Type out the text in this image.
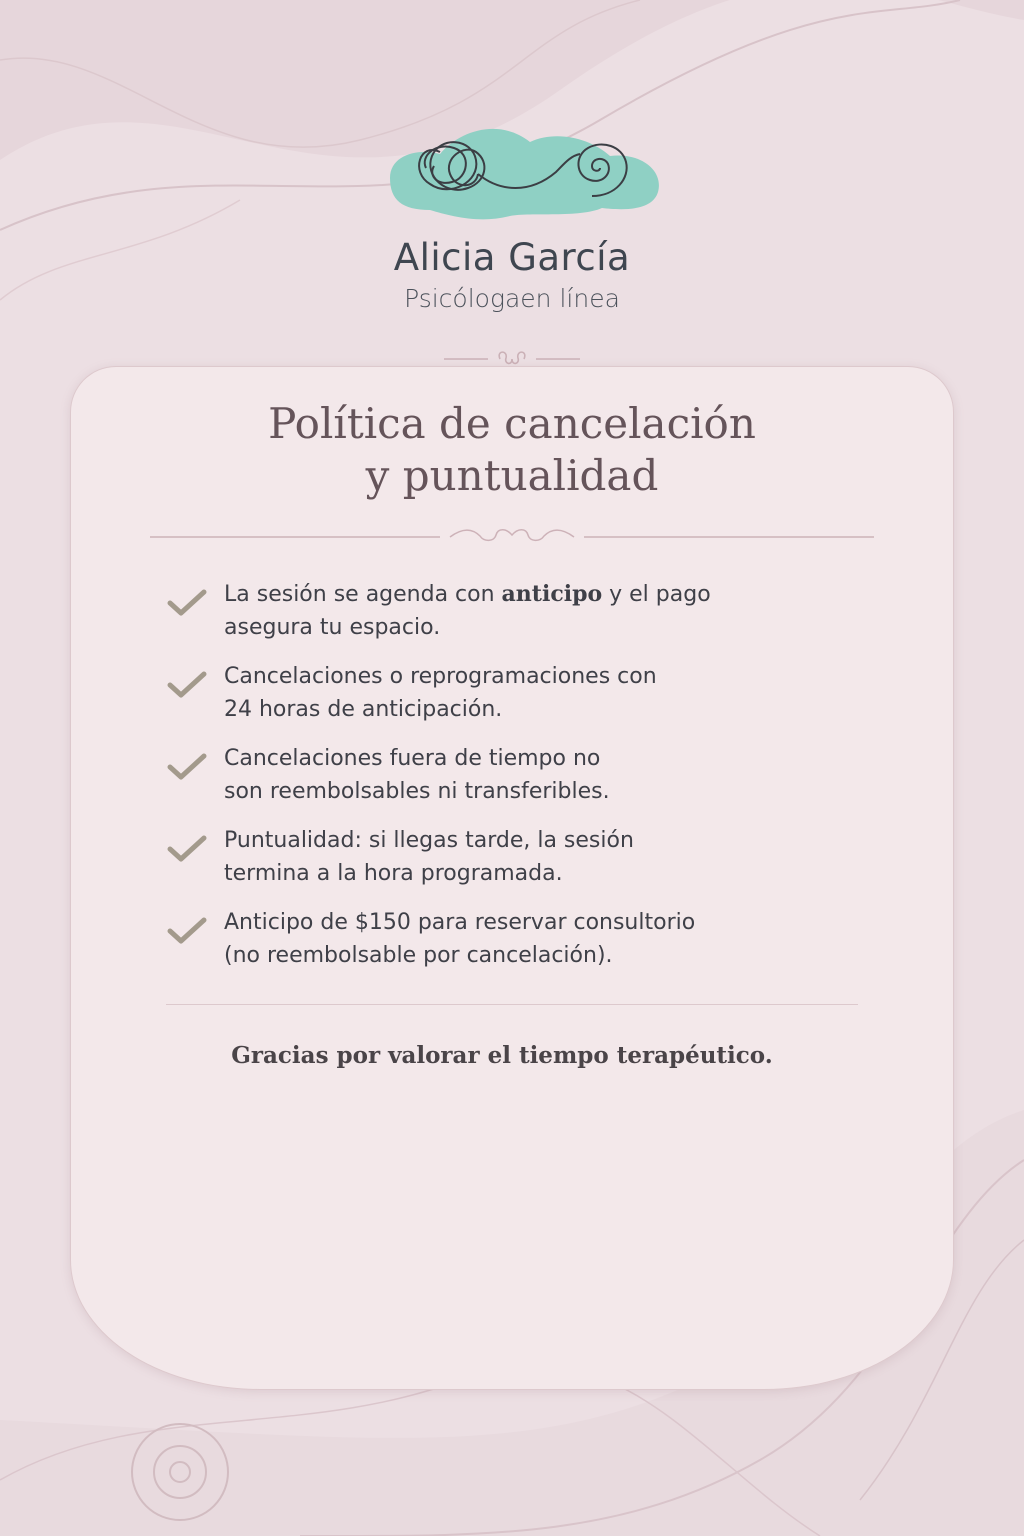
Alicia García
Psicólogaen línea
Política de cancelación
y puntualidad
La sesión se agenda con anticipo y el pago
asegura tu espacio.
Cancelaciones o reprogramaciones con
24 horas de anticipación.
Cancelaciones fuera de tiempo no
son reembolsables ni transferibles.
Puntualidad: si llegas tarde, la sesión
termina a la hora programada.
Anticipo de $150 para reservar consultorio
(no reembolsable por cancelación).
Gracias por valorar el tiempo terapéutico.
